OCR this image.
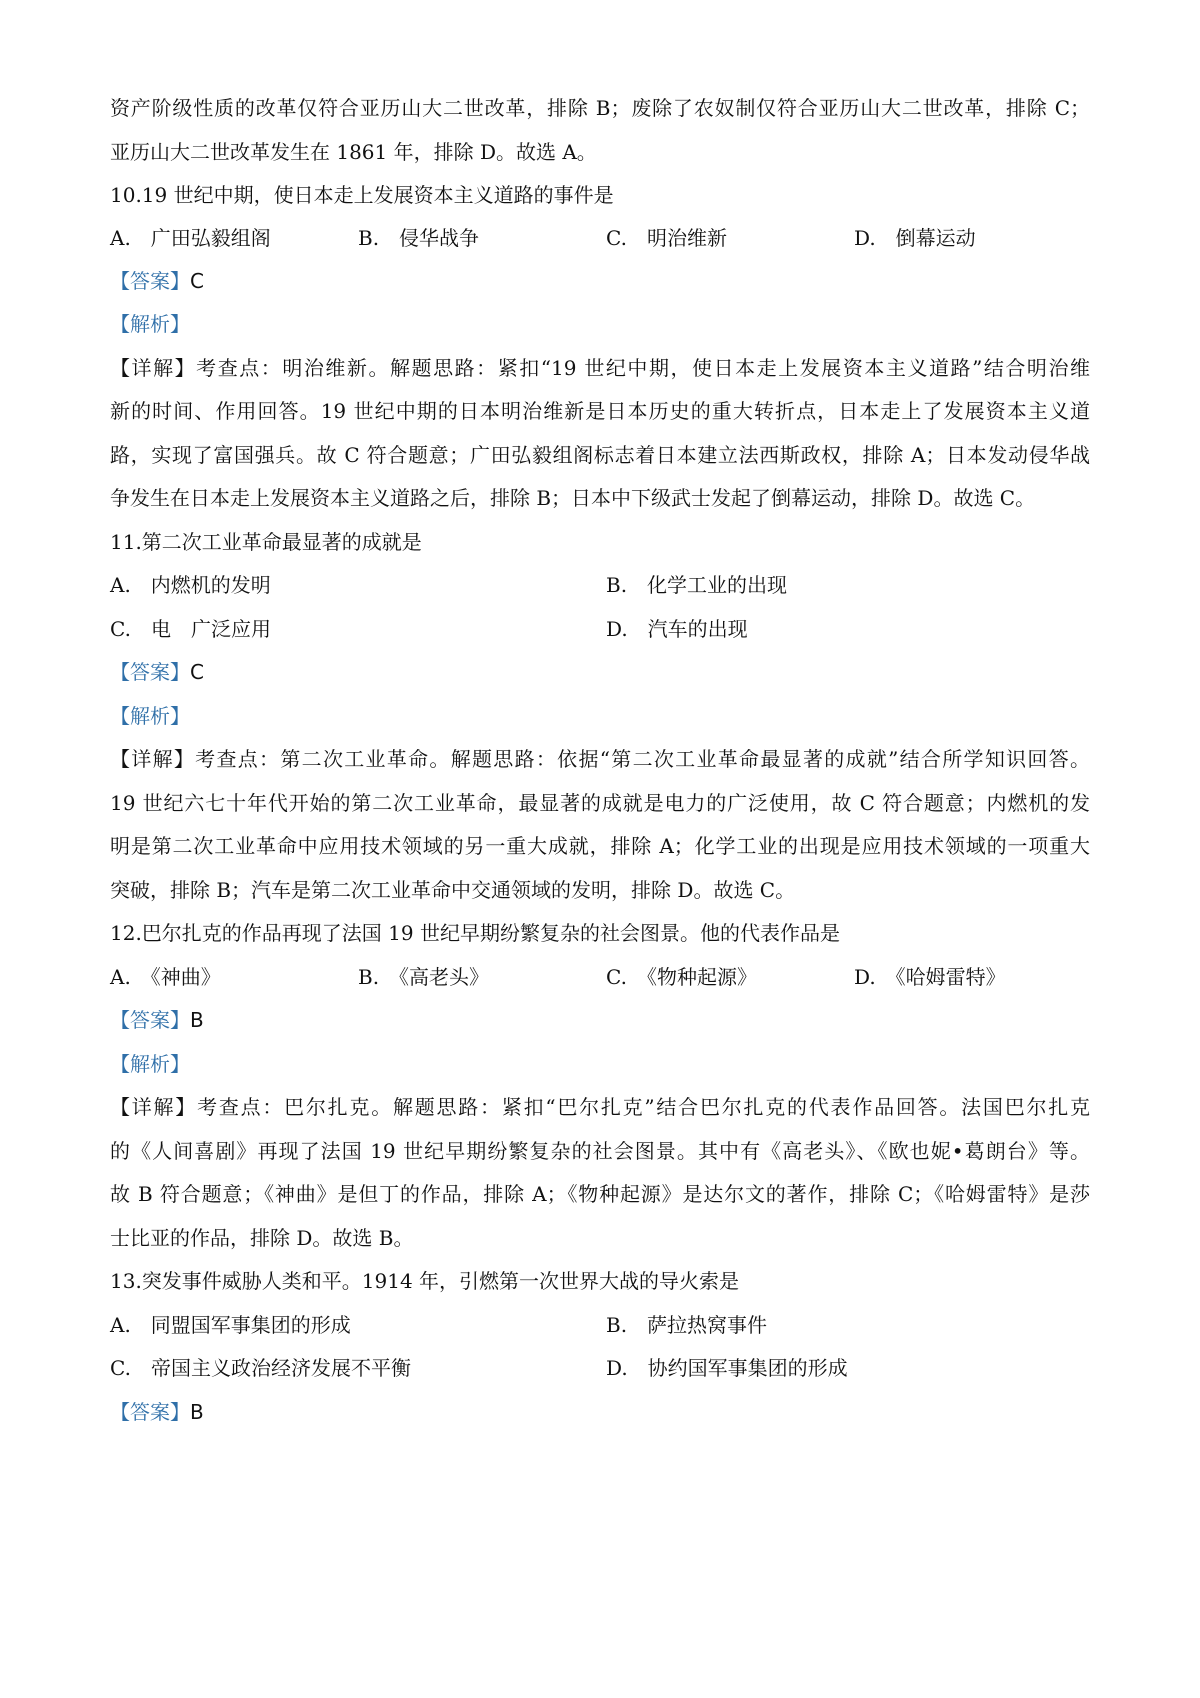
资产阶级性质的改革仅符合亚历山大二世改革，排除 B；废除了农奴制仅符合亚历山大二世改革，排除 C；
亚历山大二世改革发生在 1861 年，排除 D。故选 A。
10.19 世纪中期，使日本走上发展资本主义道路的事件是
A.　广田弘毅组阁	B.　侵华战争	C.　明治维新	D.　倒幕运动
【答案】C
【解析】
【详解】考查点：明治维新。解题思路：紧扣“19 世纪中期，使日本走上发展资本主义道路”结合明治维
新的时间、作用回答。19 世纪中期的日本明治维新是日本历史的重大转折点，日本走上了发展资本主义道
路，实现了富国强兵。故 C 符合题意；广田弘毅组阁标志着日本建立法西斯政权，排除 A；日本发动侵华战
争发生在日本走上发展资本主义道路之后，排除 B；日本中下级武士发起了倒幕运动，排除 D。故选 C。
11.第二次工业革命最显著的成就是
A.　内燃机的发明	B.　化学工业的出现
C.　电　广泛应用	D.　汽车的出现
【答案】C
【解析】
【详解】考查点：第二次工业革命。解题思路：依据“第二次工业革命最显著的成就”结合所学知识回答。
19 世纪六七十年代开始的第二次工业革命，最显著的成就是电力的广泛使用，故 C 符合题意；内燃机的发
明是第二次工业革命中应用技术领域的另一重大成就，排除 A；化学工业的出现是应用技术领域的一项重大
突破，排除 B；汽车是第二次工业革命中交通领域的发明，排除 D。故选 C。
12.巴尔扎克的作品再现了法国 19 世纪早期纷繁复杂的社会图景。他的代表作品是
A.　《神曲》	B.　《高老头》	C.　《物种起源》	D.　《哈姆雷特》
【答案】B
【解析】
【详解】考查点：巴尔扎克。解题思路：紧扣“巴尔扎克”结合巴尔扎克的代表作品回答。法国巴尔扎克
的《人间喜剧》再现了法国 19 世纪早期纷繁复杂的社会图景。其中有《高老头》、《欧也妮•葛朗台》等。
故 B 符合题意；《神曲》是但丁的作品，排除 A；《物种起源》是达尔文的著作，排除 C；《哈姆雷特》是莎
士比亚的作品，排除 D。故选 B。
13.突发事件威胁人类和平。1914 年，引燃第一次世界大战的导火索是
A.　同盟国军事集团的形成	B.　萨拉热窝事件
C.　帝国主义政治经济发展不平衡	D.　协约国军事集团的形成
【答案】B
